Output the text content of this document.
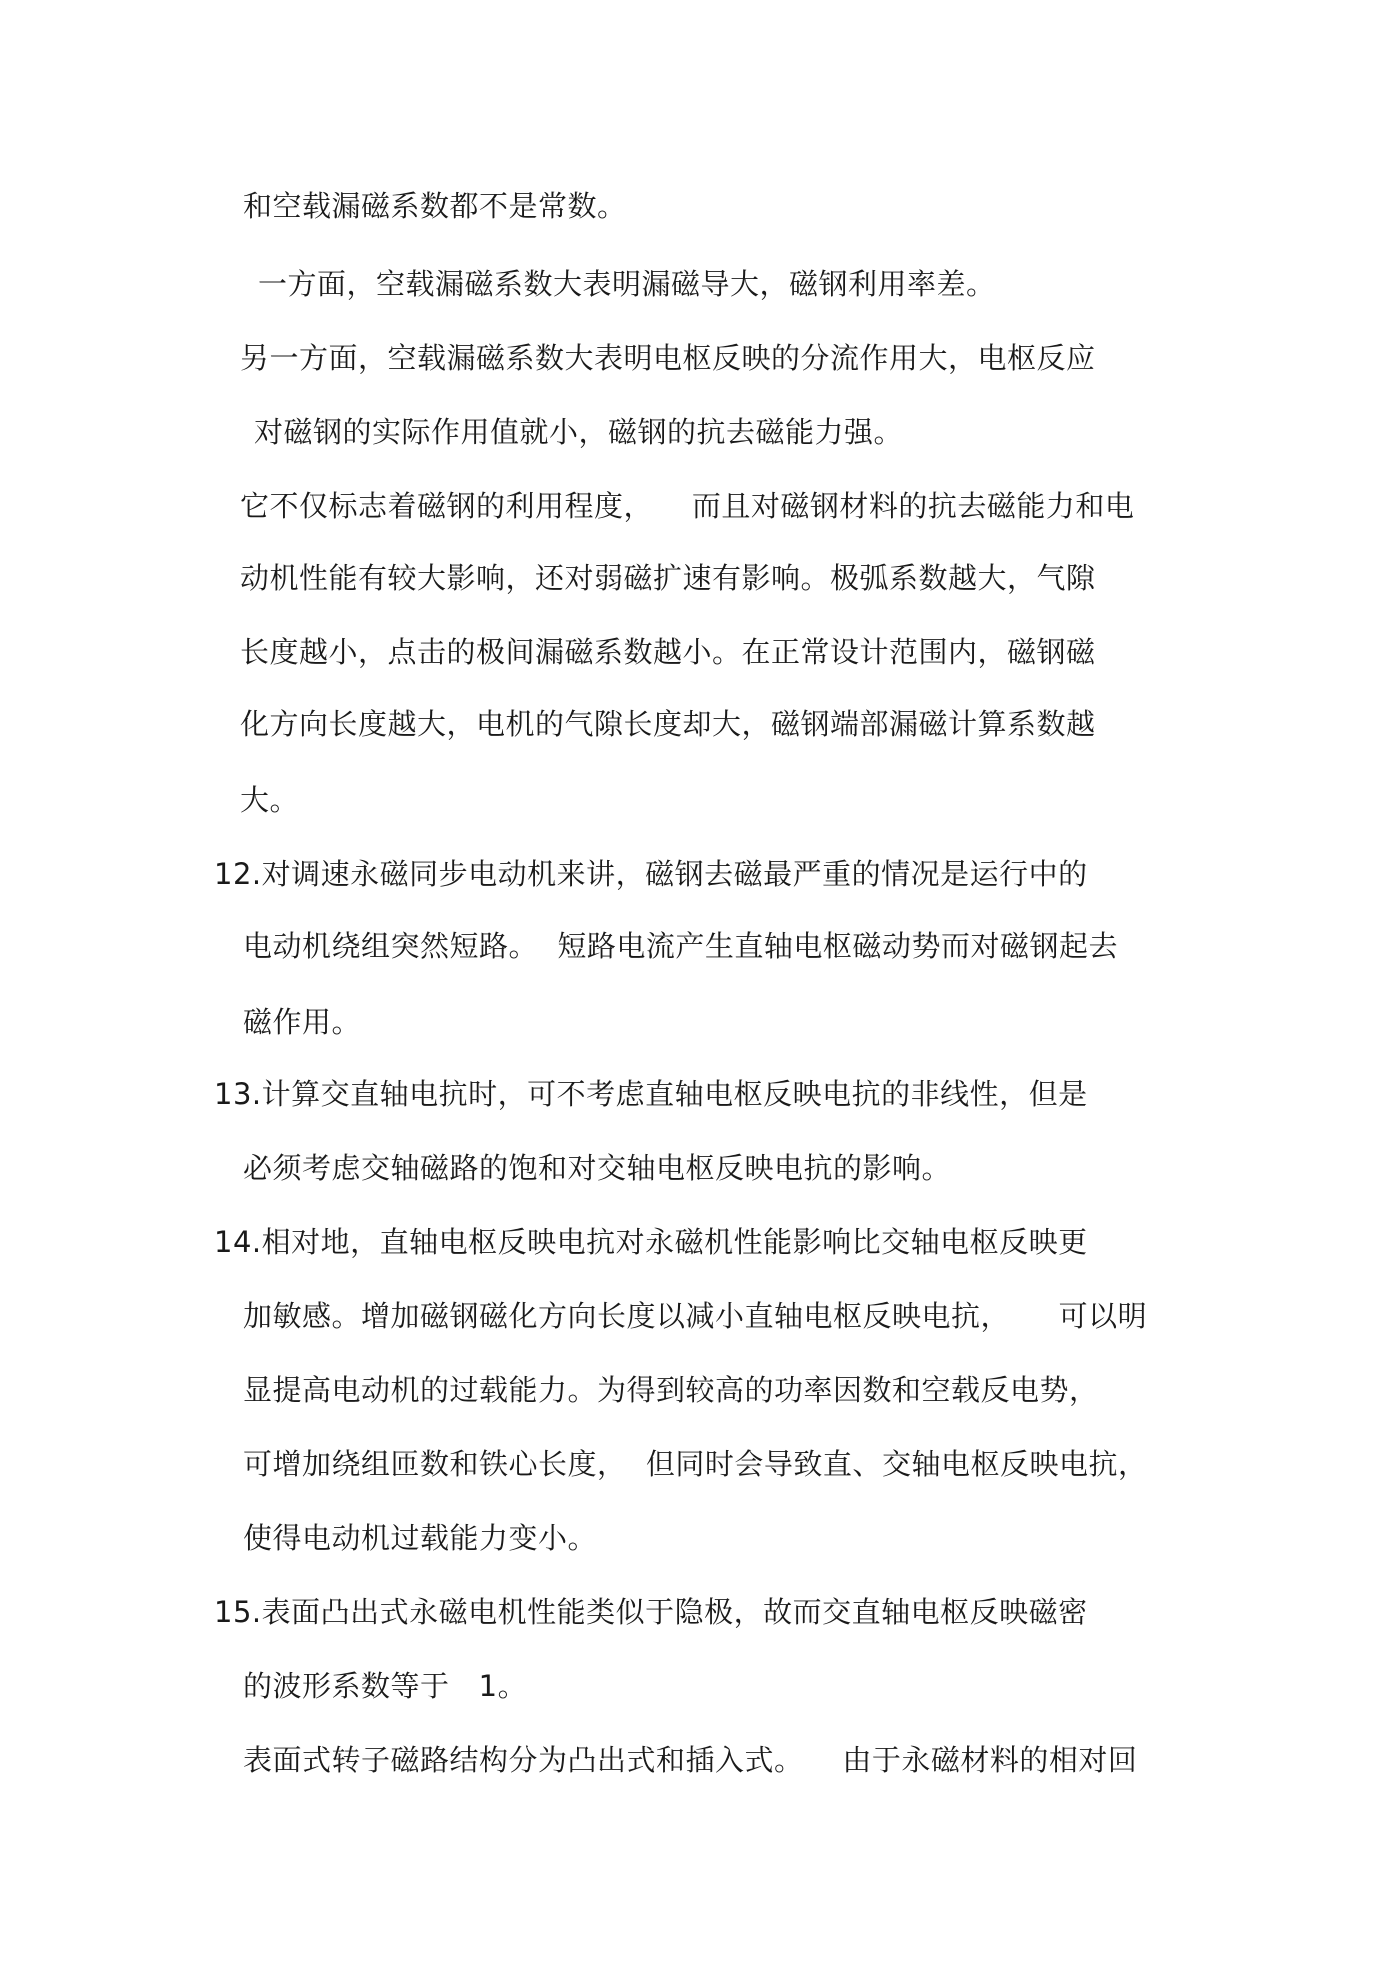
和空载漏磁系数都不是常数。
一方面，空载漏磁系数大表明漏磁导大，磁钢利用率差。
另一方面，空载漏磁系数大表明电枢反映的分流作用大，电枢反应
对磁钢的实际作用值就小，磁钢的抗去磁能力强。
它不仅标志着磁钢的利用程度，    而且对磁钢材料的抗去磁能力和电
动机性能有较大影响，还对弱磁扩速有影响。极弧系数越大，气隙
长度越小，点击的极间漏磁系数越小。在正常设计范围内，磁钢磁
化方向长度越大，电机的气隙长度却大，磁钢端部漏磁计算系数越
大。
12.对调速永磁同步电动机来讲，磁钢去磁最严重的情况是运行中的
电动机绕组突然短路。  短路电流产生直轴电枢磁动势而对磁钢起去
磁作用。
13.计算交直轴电抗时，可不考虑直轴电枢反映电抗的非线性，但是
必须考虑交轴磁路的饱和对交轴电枢反映电抗的影响。
14.相对地，直轴电枢反映电抗对永磁机性能影响比交轴电枢反映更
加敏感。增加磁钢磁化方向长度以减小直轴电枢反映电抗，     可以明
显提高电动机的过载能力。为得到较高的功率因数和空载反电势，
可增加绕组匝数和铁心长度，  但同时会导致直、交轴电枢反映电抗，
使得电动机过载能力变小。
15.表面凸出式永磁电机性能类似于隐极，故而交直轴电枢反映磁密
的波形系数等于   1。
表面式转子磁路结构分为凸出式和插入式。    由于永磁材料的相对回
